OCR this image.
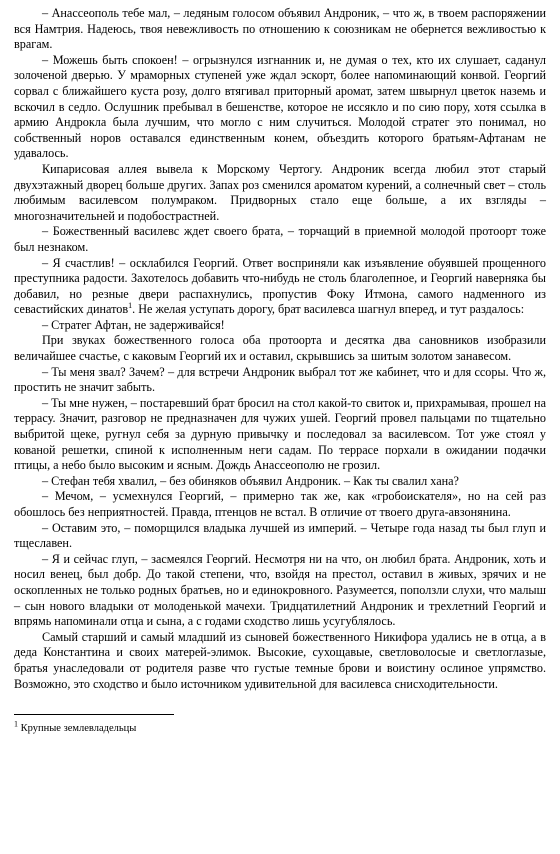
– Анассеополь тебе мал, – ледяным голосом объявил Андроник, – что ж, в твоем распоряжении вся Намтрия. Надеюсь, твоя невежливость по отношению к союзникам не обернется вежливостью к врагам.

– Можешь быть спокоен! – огрызнулся изгнанник и, не думая о тех, кто их слушает, саданул золоченой дверью. У мраморных ступеней уже ждал эскорт, более напоминающий конвой. Георгий сорвал с ближайшего куста розу, долго втягивал приторный аромат, затем швырнул цветок наземь и вскочил в седло. Ослушник пребывал в бешенстве, которое не иссякло и по сию пору, хотя ссылка в армию Андрокла была лучшим, что могло с ним случиться. Молодой стратег это понимал, но собственный норов оставался единственным конем, объездить которого братьям-Афтанам не удавалось.

Кипарисовая аллея вывела к Морскому Чертогу. Андроник всегда любил этот старый двухэтажный дворец больше других. Запах роз сменился ароматом курений, а солнечный свет – столь любимым василевсом полумраком. Придворных стало еще больше, а их взгляды – многозначительней и подобострастней.

– Божественный василевс ждет своего брата, – торчащий в приемной молодой протоорт тоже был незнаком.

– Я счастлив! – осклабился Георгий. Ответ восприняли как изъявление обуявшей прощенного преступника радости. Захотелось добавить что-нибудь не столь благолепное, и Георгий наверняка бы добавил, но резные двери распахнулись, пропустив Фоку Итмона, самого надменного из севастийских динатов$^1$. Не желая уступать дорогу, брат василевса шагнул вперед, и тут раздалось:

– Стратег Афтан, не задерживайся!

При звуках божественного голоса оба протоорта и десятка два сановников изобразили величайшее счастье, с каковым Георгий их и оставил, скрывшись за шитым золотом занавесом.

– Ты меня звал? Зачем? – для встречи Андроник выбрал тот же кабинет, что и для ссоры. Что ж, простить не значит забыть.

– Ты мне нужен, – постаревший брат бросил на стол какой-то свиток и, прихрамывая, прошел на террасу. Значит, разговор не предназначен для чужих ушей. Георгий провел пальцами по тщательно выбритой щеке, ругнул себя за дурную привычку и последовал за василевсом. Тот уже стоял у кованой решетки, спиной к исполненным неги садам. По террасе порхали в ожидании подачки птицы, а небо было высоким и ясным. Дождь Анассеополю не грозил.

– Стефан тебя хвалил, – без обиняков объявил Андроник. – Как ты свалил хана?

– Мечом, – усмехнулся Георгий, – примерно так же, как «гробоискателя», но на сей раз обошлось без неприятностей. Правда, птенцов не встал. В отличие от твоего друга-авзонянина.

– Оставим это, – поморщился владыка лучшей из империй. – Четыре года назад ты был глуп и тщеславен.

– Я и сейчас глуп, – засмеялся Георгий. Несмотря ни на что, он любил брата. Андроник, хоть и носил венец, был добр. До такой степени, что, взойдя на престол, оставил в живых, зрячих и не оскопленных не только родных братьев, но и единокровного. Разумеется, поползли слухи, что малыш – сын нового владыки от молоденькой мачехи. Тридцатилетний Андроник и трехлетний Георгий и впрямь напоминали отца и сына, а с годами сходство лишь усугублялось.

Самый старший и самый младший из сыновей божественного Никифора удались не в отца, а в деда Константина и своих матерей-элимок. Высокие, сухощавые, светловолосые и светлоглазые, братья унаследовали от родителя разве что густые темные брови и воистину ослиное упрямство. Возможно, это сходство и было источником удивительной для василевса снисходительности.

$^1$ Крупные землевладельцы
